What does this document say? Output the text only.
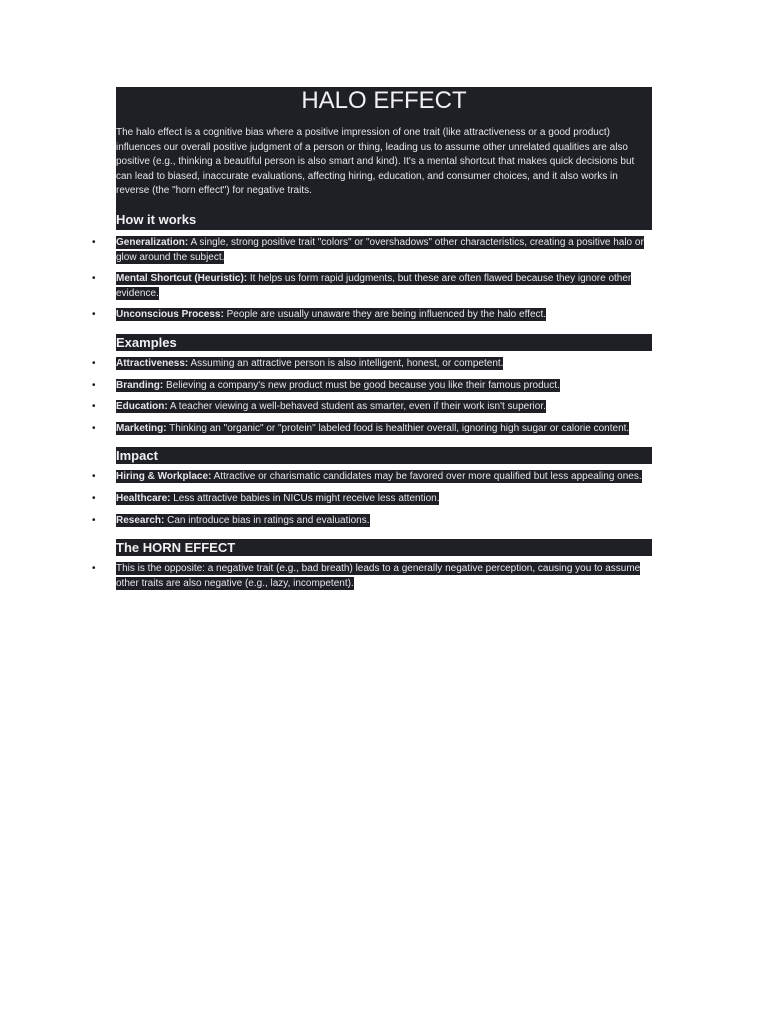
HALO EFFECT

The halo effect is a cognitive bias where a positive impression of one trait (like attractiveness or a good product) influences our overall positive judgment of a person or thing, leading us to assume other unrelated qualities are also positive (e.g., thinking a beautiful person is also smart and kind). It's a mental shortcut that makes quick decisions but can lead to biased, inaccurate evaluations, affecting hiring, education, and consumer choices, and it also works in reverse (the "horn effect") for negative traits.

How it works
• Generalization: A single, strong positive trait "colors" or "overshadows" other characteristics, creating a positive halo or glow around the subject.
• Mental Shortcut (Heuristic): It helps us form rapid judgments, but these are often flawed because they ignore other evidence.
• Unconscious Process: People are usually unaware they are being influenced by the halo effect.
Examples
• Attractiveness: Assuming an attractive person is also intelligent, honest, or competent.
• Branding: Believing a company's new product must be good because you like their famous product.
• Education: A teacher viewing a well-behaved student as smarter, even if their work isn't superior.
• Marketing: Thinking an "organic" or "protein" labeled food is healthier overall, ignoring high sugar or calorie content.
Impact
• Hiring & Workplace: Attractive or charismatic candidates may be favored over more qualified but less appealing ones.
• Healthcare: Less attractive babies in NICUs might receive less attention.
• Research: Can introduce bias in ratings and evaluations.
The HORN EFFECT
• This is the opposite: a negative trait (e.g., bad breath) leads to a generally negative perception, causing you to assume other traits are also negative (e.g., lazy, incompetent).
